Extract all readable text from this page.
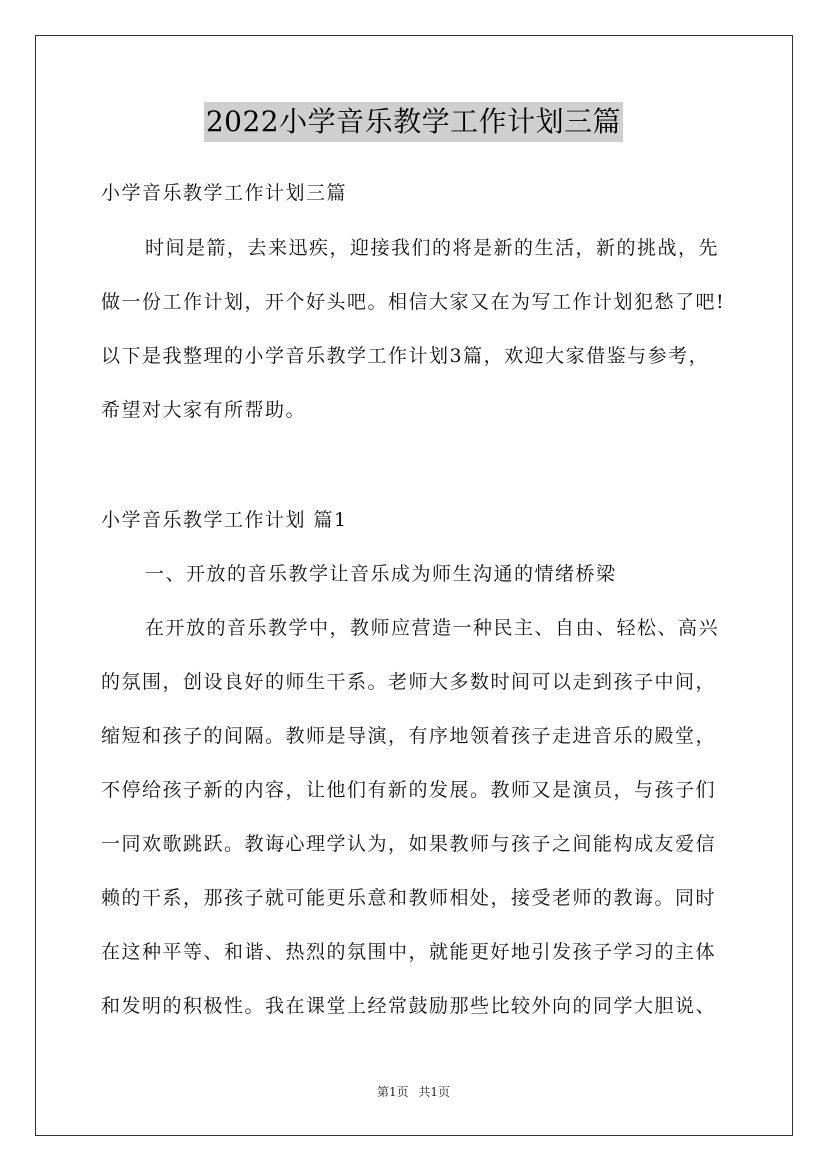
2022小学音乐教学工作计划三篇
小学音乐教学工作计划三篇
时间是箭，去来迅疾，迎接我们的将是新的生活，新的挑战，先
做一份工作计划，开个好头吧。相信大家又在为写工作计划犯愁了吧!
以下是我整理的小学音乐教学工作计划3篇，欢迎大家借鉴与参考，
希望对大家有所帮助。
小学音乐教学工作计划 篇1
一、开放的音乐教学让音乐成为师生沟通的情绪桥梁
在开放的音乐教学中，教师应营造一种民主、自由、轻松、高兴
的氛围，创设良好的师生干系。老师大多数时间可以走到孩子中间，
缩短和孩子的间隔。教师是导演，有序地领着孩子走进音乐的殿堂，
不停给孩子新的内容，让他们有新的发展。教师又是演员，与孩子们
一同欢歌跳跃。教诲心理学认为，如果教师与孩子之间能构成友爱信
赖的干系，那孩子就可能更乐意和教师相处，接受老师的教诲。同时
在这种平等、和谐、热烈的氛围中，就能更好地引发孩子学习的主体
和发明的积极性。我在课堂上经常鼓励那些比较外向的同学大胆说、
第1页 共1页
